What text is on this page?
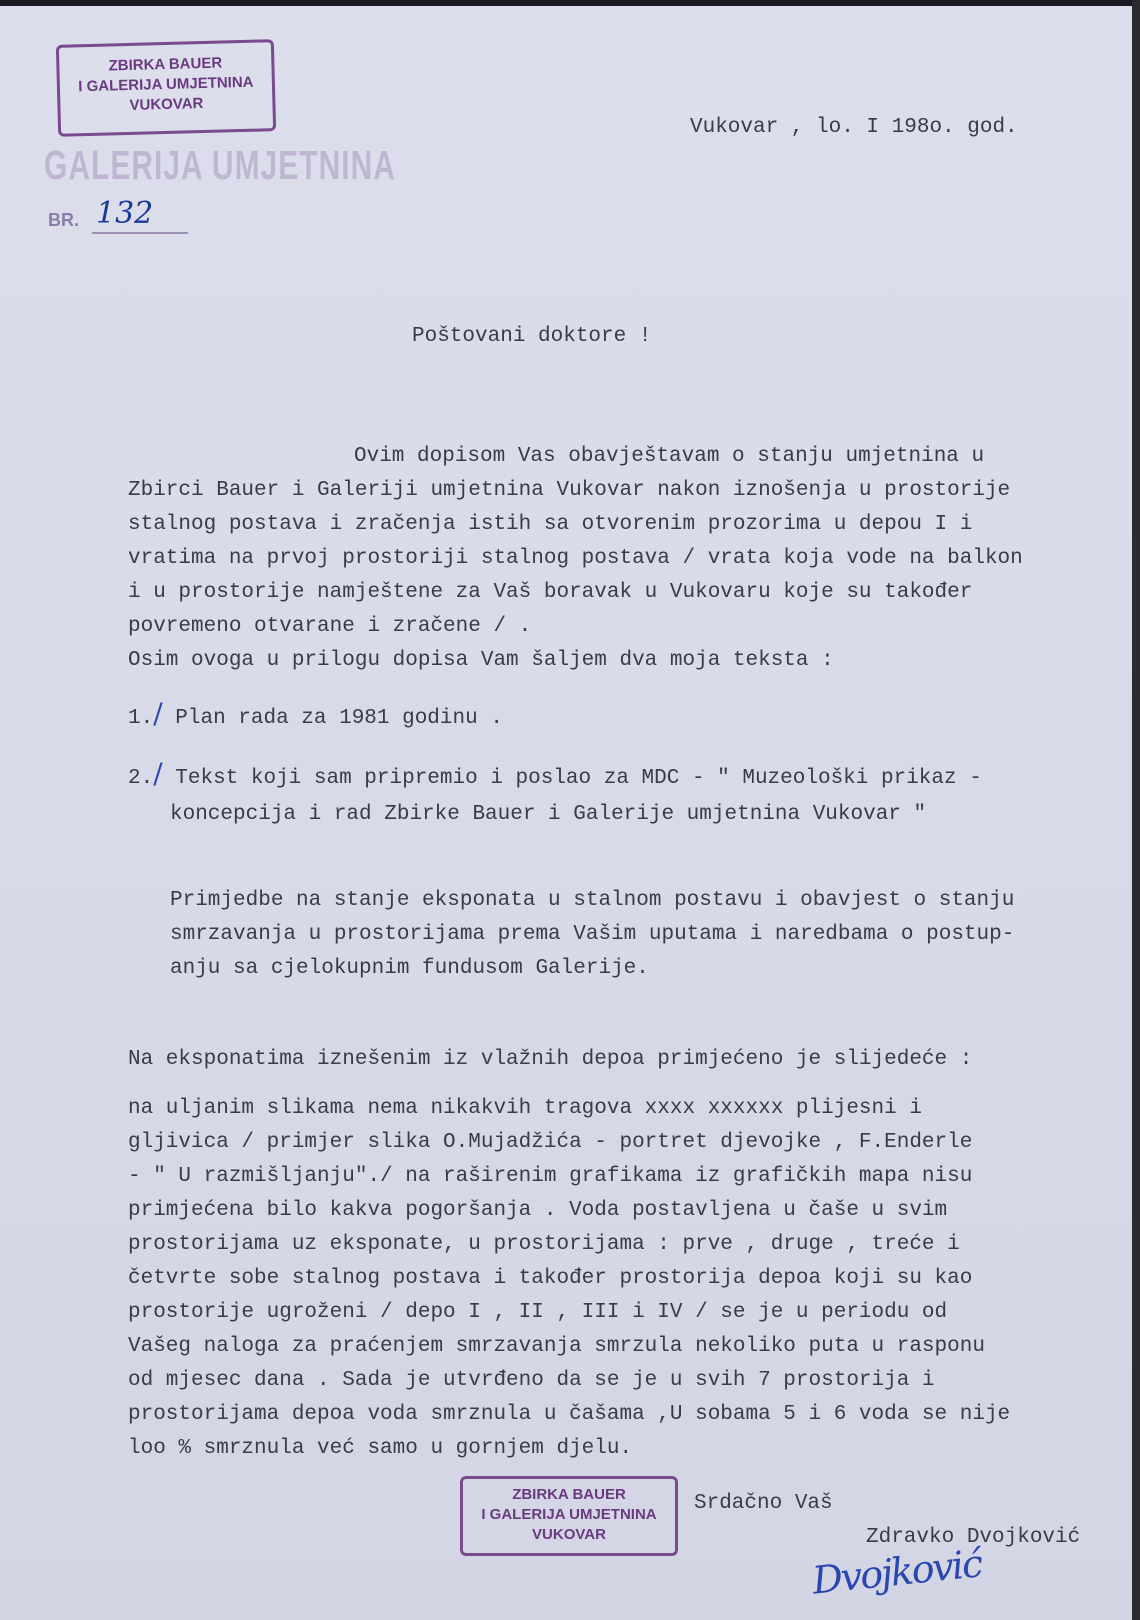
ZBIRKA BAUER
I GALERIJA UMJETNINA
VUKOVAR
GALERIJA UMJETNINA
BR. 132
Vukovar , lo. I 198o. god.
Poštovani doktore !
Ovim dopisom Vas obavještavam o stanju umjetnina u
Zbirci Bauer i Galeriji umjetnina Vukovar nakon iznošenja u prostorije
stalnog postava i zračenja istih sa otvorenim prozorima u depou I i
vratima na prvoj prostoriji stalnog postava / vrata koja vode na balkon
i u prostorije namještene za Vaš boravak u Vukovaru koje su također
povremeno otvarane i zračene / .
Osim ovoga u prilogu dopisa Vam šaljem dva moja teksta :
1./ Plan rada za 1981 godinu .
2./ Tekst koji sam pripremio i poslao za MDC - " Muzeološki prikaz -
koncepcija i rad Zbirke Bauer i Galerije umjetnina Vukovar "
Primjedbe na stanje eksponata u stalnom postavu i obavjest o stanju
smrzavanja u prostorijama prema Vašim uputama i naredbama o postup-
anju sa cjelokupnim fundusom Galerije.
Na eksponatima iznešenim iz vlažnih depoa primjećeno je slijedeće :
na uljanim slikama nema nikakvih tragova xxxx xxxxxx plijesni i
gljivica / primjer slika O.Mujadžića - portret djevojke , F.Enderle
- " U razmišljanju"./ na raširenim grafikama iz grafičkih mapa nisu
primjećena bilo kakva pogoršanja . Voda postavljena u čaše u svim
prostorijama uz eksponate, u prostorijama : prve , druge , treće i
četvrte sobe stalnog postava i također prostorija depoa koji su kao
prostorije ugroženi / depo I , II , III i IV / se je u periodu od
Vašeg naloga za praćenjem smrzavanja smrzula nekoliko puta u rasponu
od mjesec dana . Sada je utvrđeno da se je u svih 7 prostorija i
prostorijama depoa voda smrznula u čašama ,U sobama 5 i 6 voda se nije
loo % smrznula već samo u gornjem djelu.
ZBIRKA BAUER
I GALERIJA UMJETNINA
VUKOVAR
Srdačno Vaš
Zdravko Dvojković
Dvojković
